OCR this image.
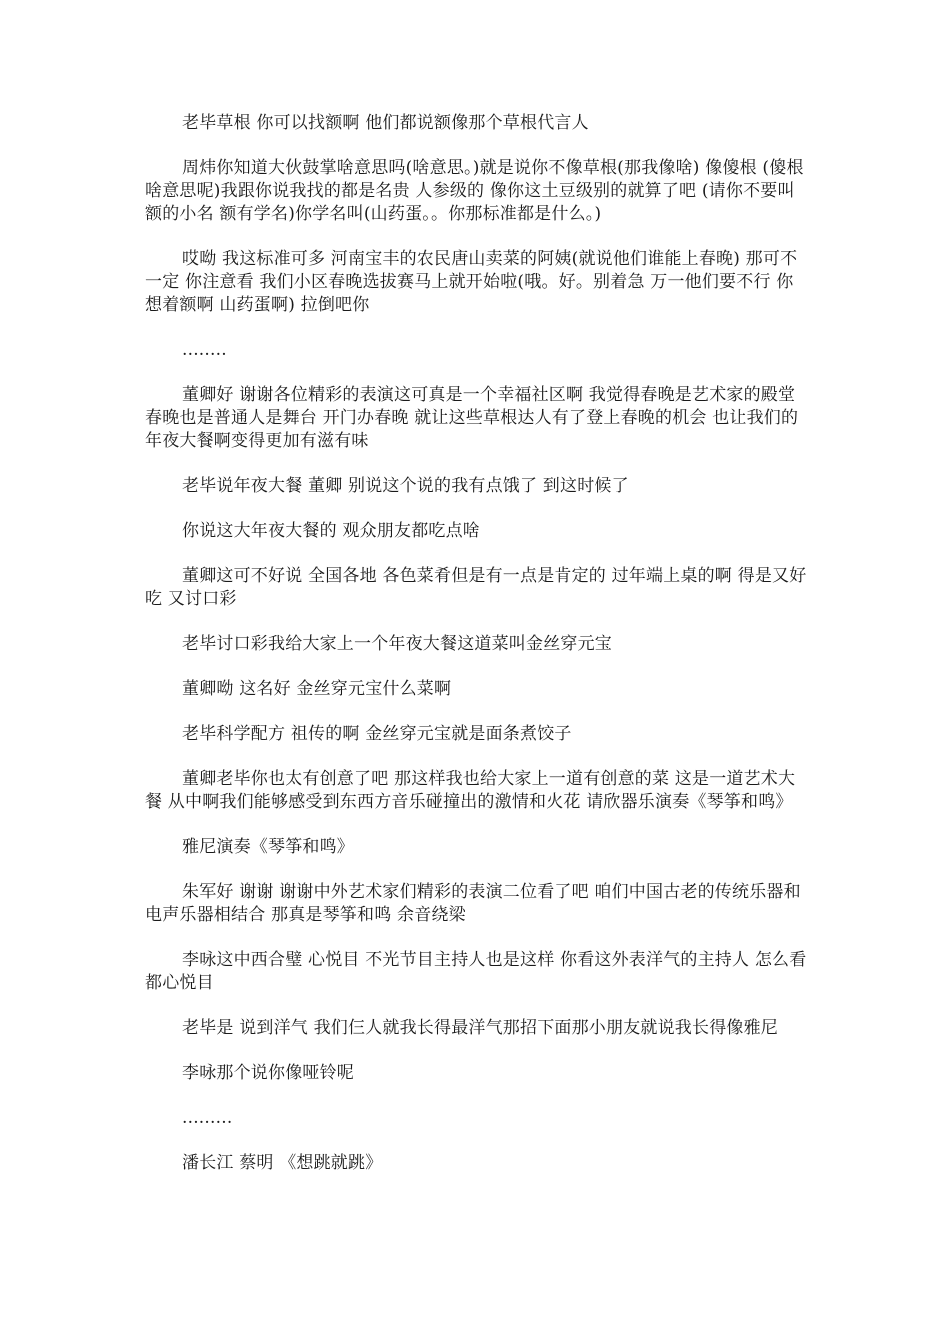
老毕草根 你可以找额啊 他们都说额像那个草根代言人

周炜你知道大伙鼓掌啥意思吗(啥意思。)就是说你不像草根(那我像啥) 像傻根 (傻根啥意思呢)我跟你说我找的都是名贵 人参级的 像你这土豆级别的就算了吧 (请你不要叫额的小名 额有学名)你学名叫(山药蛋。。你那标准都是什么。)

哎呦 我这标准可多 河南宝丰的农民唐山卖菜的阿姨(就说他们谁能上春晚) 那可不一定 你注意看 我们小区春晚选拔赛马上就开始啦(哦。好。别着急 万一他们要不行 你想着额啊 山药蛋啊) 拉倒吧你

........

董卿好 谢谢各位精彩的表演这可真是一个幸福社区啊 我觉得春晚是艺术家的殿堂 春晚也是普通人是舞台 开门办春晚 就让这些草根达人有了登上春晚的机会 也让我们的年夜大餐啊变得更加有滋有味

老毕说年夜大餐 董卿 别说这个说的我有点饿了 到这时候了

你说这大年夜大餐的 观众朋友都吃点啥

董卿这可不好说 全国各地 各色菜肴但是有一点是肯定的 过年端上桌的啊 得是又好吃 又讨口彩

老毕讨口彩我给大家上一个年夜大餐这道菜叫金丝穿元宝

董卿呦 这名好 金丝穿元宝什么菜啊

老毕科学配方 祖传的啊 金丝穿元宝就是面条煮饺子

董卿老毕你也太有创意了吧 那这样我也给大家上一道有创意的菜 这是一道艺术大餐 从中啊我们能够感受到东西方音乐碰撞出的激情和火花 请欣器乐演奏《琴筝和鸣》

雅尼演奏《琴筝和鸣》

朱军好 谢谢 谢谢中外艺术家们精彩的表演二位看了吧 咱们中国古老的传统乐器和电声乐器相结合 那真是琴筝和鸣 余音绕梁

李咏这中西合璧 心悦目 不光节目主持人也是这样 你看这外表洋气的主持人 怎么看都心悦目

老毕是 说到洋气 我们仨人就我长得最洋气那招下面那小朋友就说我长得像雅尼

李咏那个说你像哑铃呢

.........

潘长江 蔡明 《想跳就跳》
